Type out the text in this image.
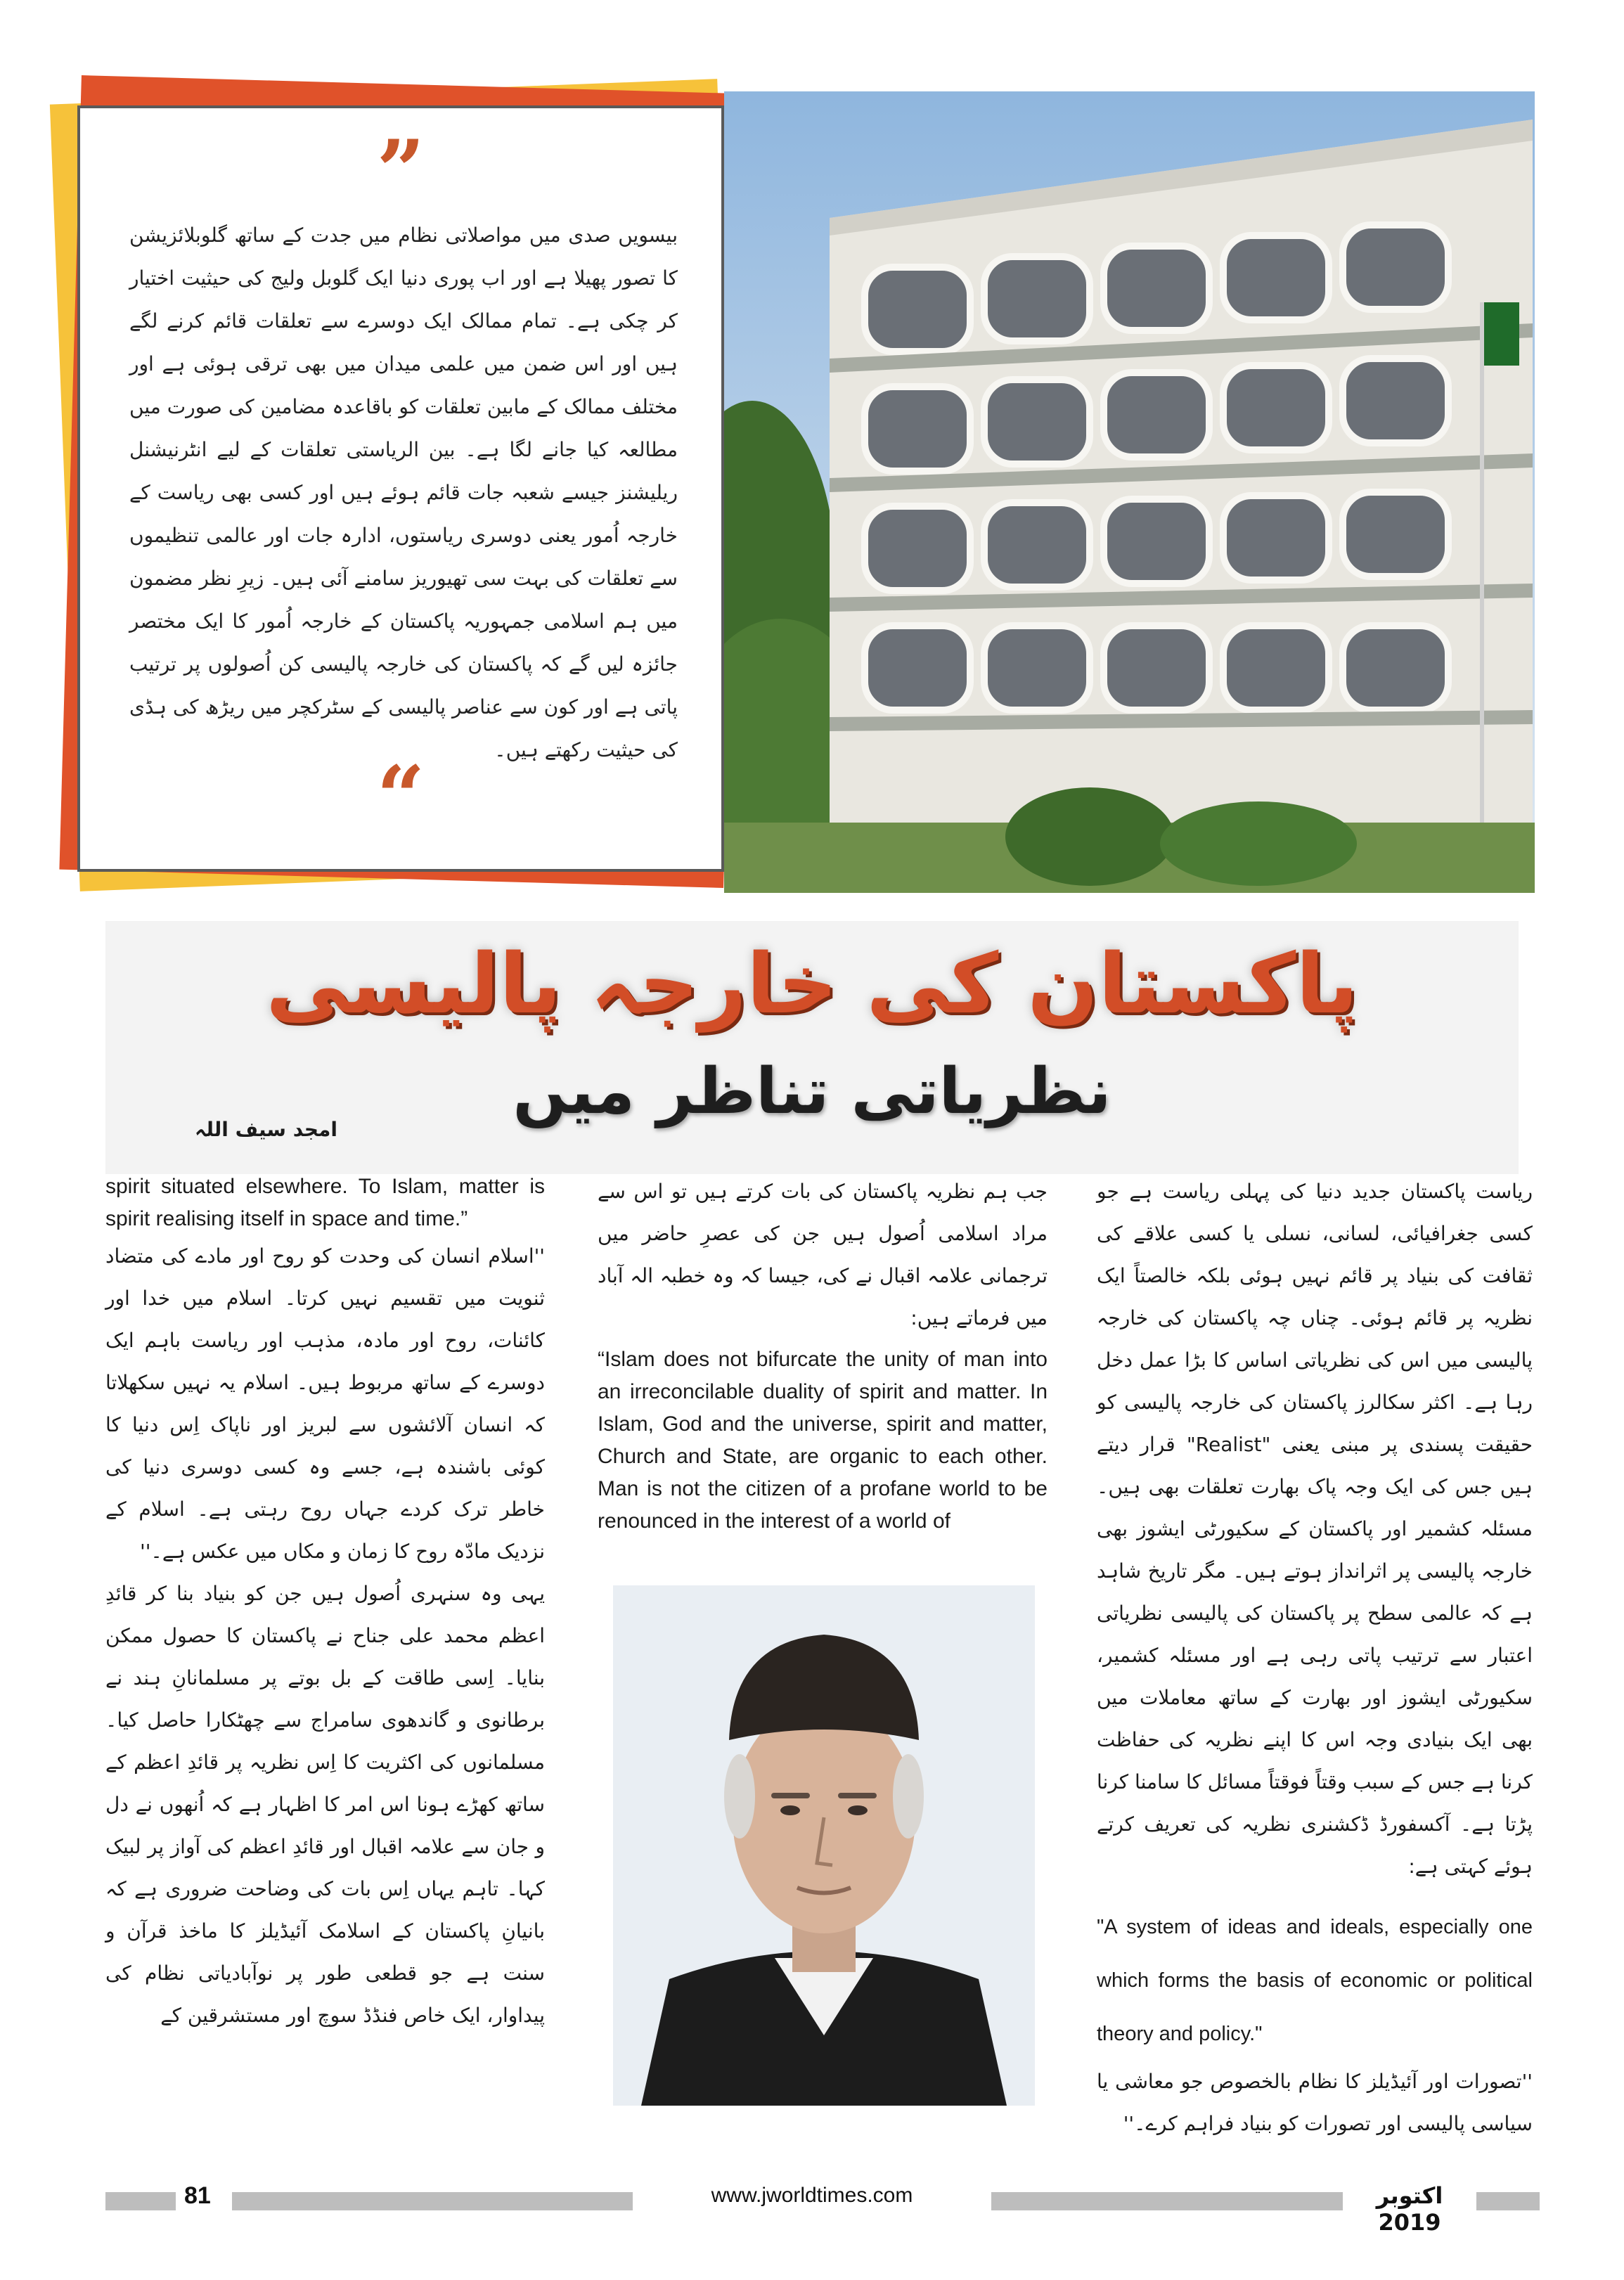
”
بیسویں صدی میں مواصلاتی نظام میں جدت کے ساتھ گلوبلائزیشن کا تصور پھیلا ہے اور اب پوری دنیا ایک گلوبل ولیج کی حیثیت اختیار کر چکی ہے۔ تمام ممالک ایک دوسرے سے تعلقات قائم کرنے لگے ہیں اور اس ضمن میں علمی میدان میں بھی ترقی ہوئی ہے اور مختلف ممالک کے مابین تعلقات کو باقاعدہ مضامین کی صورت میں مطالعہ کیا جانے لگا ہے۔ بین الریاستی تعلقات کے لیے انٹرنیشنل ریلیشنز جیسے شعبہ جات قائم ہوئے ہیں اور کسی بھی ریاست کے خارجہ اُمور یعنی دوسری ریاستوں، ادارہ جات اور عالمی تنظیموں سے تعلقات کی بہت سی تھیوریز سامنے آئی ہیں۔ زیرِ نظر مضمون میں ہم اسلامی جمہوریہ پاکستان کے خارجہ اُمور کا ایک مختصر جائزہ لیں گے کہ پاکستان کی خارجہ پالیسی کن اُصولوں پر ترتیب پاتی ہے اور کون سے عناصر پالیسی کے سٹرکچر میں ریڑھ کی ہڈی کی حیثیت رکھتے ہیں۔
“
پاکستان کی خارجہ پالیسی
نظریاتی تناظر میں
امجد سیف اللہ

ریاست پاکستان جدید دنیا کی پہلی ریاست ہے جو کسی جغرافیائی، لسانی، نسلی یا کسی علاقے کی ثقافت کی بنیاد پر قائم نہیں ہوئی بلکہ خالصتاً ایک نظریہ پر قائم ہوئی۔ چناں چہ پاکستان کی خارجہ پالیسی میں اس کی نظریاتی اساس کا بڑا عمل دخل رہا ہے۔ اکثر سکالرز پاکستان کی خارجہ پالیسی کو حقیقت پسندی پر مبنی یعنی "Realist" قرار دیتے ہیں جس کی ایک وجہ پاک بھارت تعلقات بھی ہیں۔ مسئلہ کشمیر اور پاکستان کے سکیورٹی ایشوز بھی خارجہ پالیسی پر اثرانداز ہوتے ہیں۔ مگر تاریخ شاہد ہے کہ عالمی سطح پر پاکستان کی پالیسی نظریاتی اعتبار سے ترتیب پاتی رہی ہے اور مسئلہ کشمیر، سکیورٹی ایشوز اور بھارت کے ساتھ معاملات میں بھی ایک بنیادی وجہ اس کا اپنے نظریہ کی حفاظت کرنا ہے جس کے سبب وقتاً فوقتاً مسائل کا سامنا کرنا پڑتا ہے۔ آکسفورڈ ڈکشنری نظریہ کی تعریف کرتے ہوئے کہتی ہے:

"A system of ideas and ideals, especially one which forms the basis of economic or political theory and policy."

''تصورات اور آئیڈیلز کا نظام بالخصوص جو معاشی یا سیاسی پالیسی اور تصورات کو بنیاد فراہم کرے۔''

جب ہم نظریہ پاکستان کی بات کرتے ہیں تو اس سے مراد اسلامی اُصول ہیں جن کی عصرِ حاضر میں ترجمانی علامہ اقبال نے کی، جیسا کہ وہ خطبہ الہ آباد میں فرماتے ہیں:

“Islam does not bifurcate the unity of man into an irreconcilable duality of spirit and matter. In Islam, God and the universe, spirit and matter, Church and State, are organic to each other. Man is not the citizen of a profane world to be renounced in the interest of a world of

spirit situated elsewhere. To Islam, matter is spirit realising itself in space and time.”

''اسلام انسان کی وحدت کو روح اور مادے کی متضاد ثنویت میں تقسیم نہیں کرتا۔ اسلام میں خدا اور کائنات، روح اور مادہ، مذہب اور ریاست باہم ایک دوسرے کے ساتھ مربوط ہیں۔ اسلام یہ نہیں سکھلاتا کہ انسان آلائشوں سے لبریز اور ناپاک اِس دنیا کا کوئی باشندہ ہے، جسے وہ کسی دوسری دنیا کی خاطر ترک کردے جہاں روح رہتی ہے۔ اسلام کے نزدیک مادّہ روح کا زمان و مکاں میں عکس ہے۔''

یہی وہ سنہری اُصول ہیں جن کو بنیاد بنا کر قائدِ اعظم محمد علی جناح نے پاکستان کا حصول ممکن بنایا۔ اِسی طاقت کے بل بوتے پر مسلمانانِ ہند نے برطانوی و گاندھوی سامراج سے چھٹکارا حاصل کیا۔ مسلمانوں کی اکثریت کا اِس نظریہ پر قائدِ اعظم کے ساتھ کھڑے ہونا اس امر کا اظہار ہے کہ اُنھوں نے دل و جان سے علامہ اقبال اور قائدِ اعظم کی آواز پر لبیک کہا۔ تاہم یہاں اِس بات کی وضاحت ضروری ہے کہ بانیانِ پاکستان کے اسلامک آئیڈیلز کا ماخذ قرآن و سنت ہے جو قطعی طور پر نوآبادیاتی نظام کی پیداوار، ایک خاص فنڈڈ سوچ اور مستشرقین کے

81	www.jworldtimes.com	اکتوبر 2019
